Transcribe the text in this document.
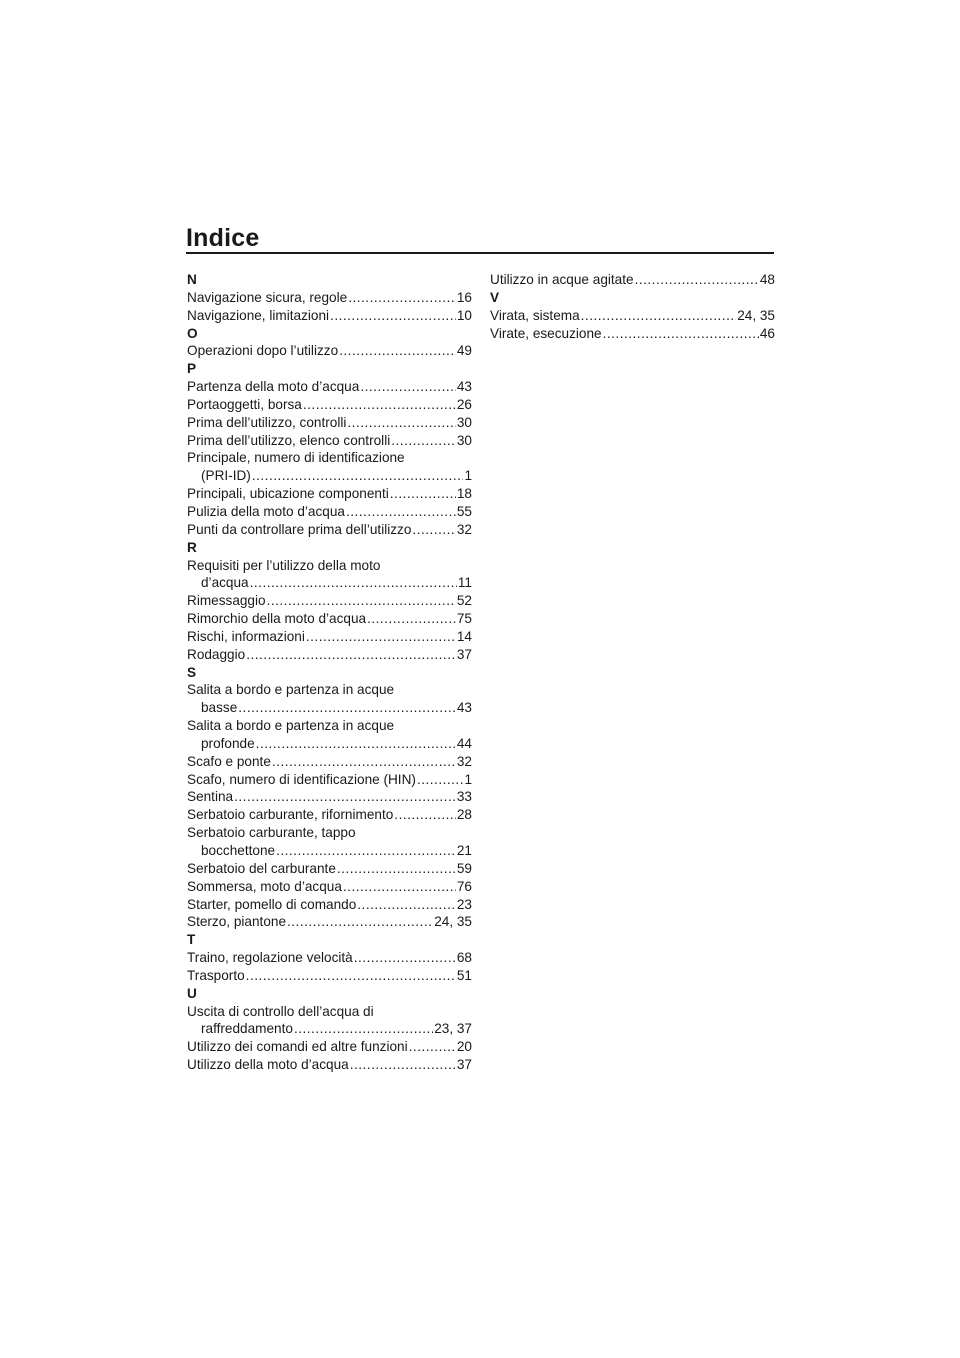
Indice
N
Navigazione sicura, regole .....	16
Navigazione, limitazioni .....	10
O
Operazioni dopo l’utilizzo .....	49
P
Partenza della moto d’acqua .....	43
Portaoggetti, borsa .....	26
Prima dell’utilizzo, controlli .....	30
Prima dell’utilizzo, elenco controlli .....	30
Principale, numero di identificazione
(PRI-ID) .....	1
Principali, ubicazione componenti .....	18
Pulizia della moto d’acqua .....	55
Punti da controllare prima dell’utilizzo .....	32
R
Requisiti per l’utilizzo della moto
d’acqua .....	11
Rimessaggio .....	52
Rimorchio della moto d’acqua .....	75
Rischi, informazioni .....	14
Rodaggio .....	37
S
Salita a bordo e partenza in acque
basse .....	43
Salita a bordo e partenza in acque
profonde .....	44
Scafo e ponte .....	32
Scafo, numero di identificazione (HIN) .....	1
Sentina .....	33
Serbatoio carburante, rifornimento .....	28
Serbatoio carburante, tappo
bocchettone .....	21
Serbatoio del carburante .....	59
Sommersa, moto d’acqua .....	76
Starter, pomello di comando .....	23
Sterzo, piantone .....	24, 35
T
Traino, regolazione velocità .....	68
Trasporto .....	51
U
Uscita di controllo dell’acqua di
raffreddamento .....	23, 37
Utilizzo dei comandi ed altre funzioni .....	20
Utilizzo della moto d’acqua .....	37
Utilizzo in acque agitate .....	48
V
Virata, sistema .....	24, 35
Virate, esecuzione .....	46
